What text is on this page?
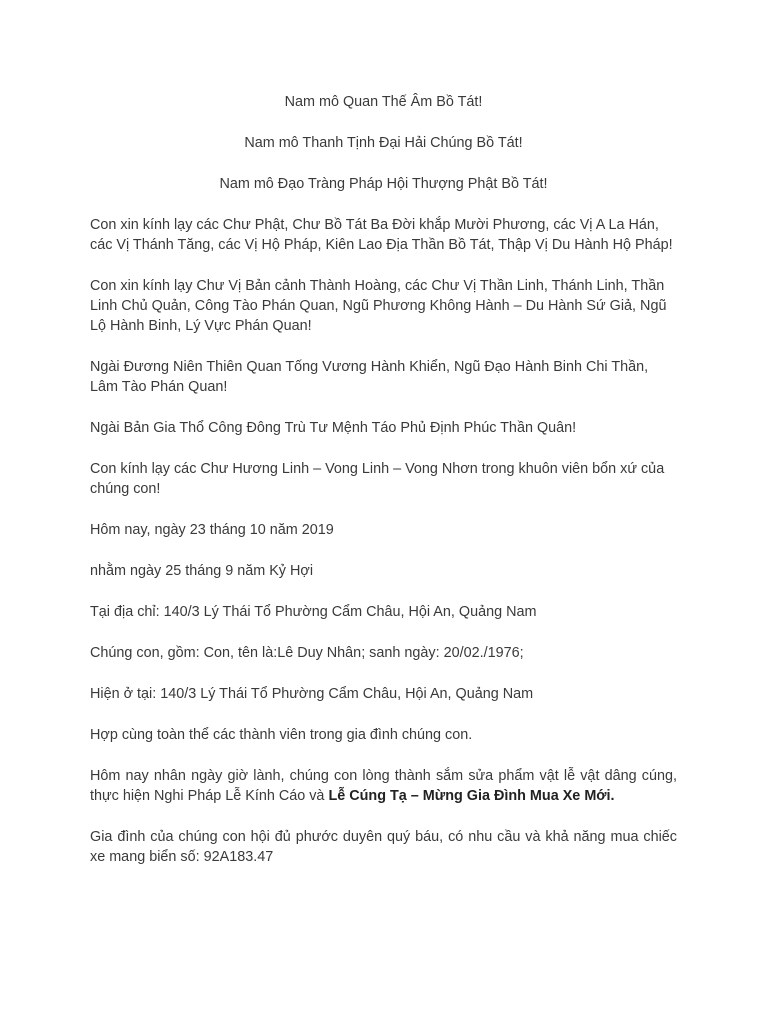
Nam mô Quan Thế Âm Bồ Tát!

Nam mô Thanh Tịnh Đại Hải Chúng Bồ Tát!

Nam mô Đạo Tràng Pháp Hội Thượng Phật Bồ Tát!

Con xin kính lạy các Chư Phật, Chư Bồ Tát Ba Đời khắp Mười Phương, các Vị A La Hán, các Vị Thánh Tăng, các Vị Hộ Pháp, Kiên Lao Địa Thần Bồ Tát, Thập Vị Du Hành Hộ Pháp!

Con xin kính lạy Chư Vị Bản cảnh Thành Hoàng, các Chư Vị Thần Linh, Thánh Linh, Thần Linh Chủ Quản, Công Tào Phán Quan, Ngũ Phương Không Hành – Du Hành Sứ Giả, Ngũ Lộ Hành Binh, Lý Vực Phán Quan!

Ngài Đương Niên Thiên Quan Tống Vương Hành Khiển, Ngũ Đạo Hành Binh Chi Thần, Lâm Tào Phán Quan!

Ngài Bản Gia Thổ Công Đông Trù Tư Mệnh Táo Phủ Định Phúc Thần Quân!

Con kính lạy các Chư Hương Linh – Vong Linh – Vong Nhơn trong khuôn viên bổn xứ của chúng con!

Hôm nay, ngày 23 tháng 10 năm 2019

nhằm ngày 25 tháng 9 năm Kỷ Hợi

Tại địa chỉ: 140/3 Lý Thái Tổ Phường Cẩm Châu, Hội An, Quảng Nam

Chúng con, gồm: Con, tên là:Lê Duy Nhân; sanh ngày: 20/02./1976;

Hiện ở tại: 140/3 Lý Thái Tổ Phường Cẩm Châu, Hội An, Quảng Nam

Hợp cùng toàn thể các thành viên trong gia đình chúng con.

Hôm nay nhân ngày giờ lành, chúng con lòng thành sắm sửa phẩm vật lễ vật dâng cúng, thực hiện Nghi Pháp Lễ Kính Cáo và Lễ Cúng Tạ – Mừng Gia Đình Mua Xe Mới.

Gia đình của chúng con hội đủ phước duyên quý báu, có nhu cầu và khả năng mua chiếc xe mang biển số: 92A183.47
